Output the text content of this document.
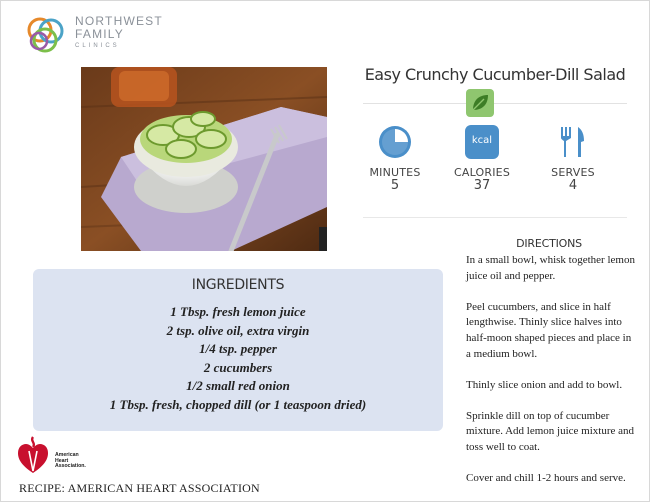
NORTHWEST
FAMILY
CLINICS
Easy Crunchy Cucumber-Dill Salad
MINUTES
5
kcal
CALORIES
37
SERVES
4
INGREDIENTS
1 Tbsp. fresh lemon juice
2 tsp. olive oil, extra virgin
1/4 tsp. pepper
2 cucumbers
1/2 small red onion
1 Tbsp. fresh, chopped dill (or 1 teaspoon dried)
DIRECTIONS

In a small bowl, whisk together lemon juice oil and pepper.

Peel cucumbers, and slice in half lengthwise. Thinly slice halves into half-moon shaped pieces and place in a medium bowl.

Thinly slice onion and add to bowl.

Sprinkle dill on top of cucumber mixture. Add lemon juice mixture and toss well to coat.

Cover and chill 1-2 hours and serve.

American
Heart
Association.
RECIPE: AMERICAN HEART ASSOCIATION
